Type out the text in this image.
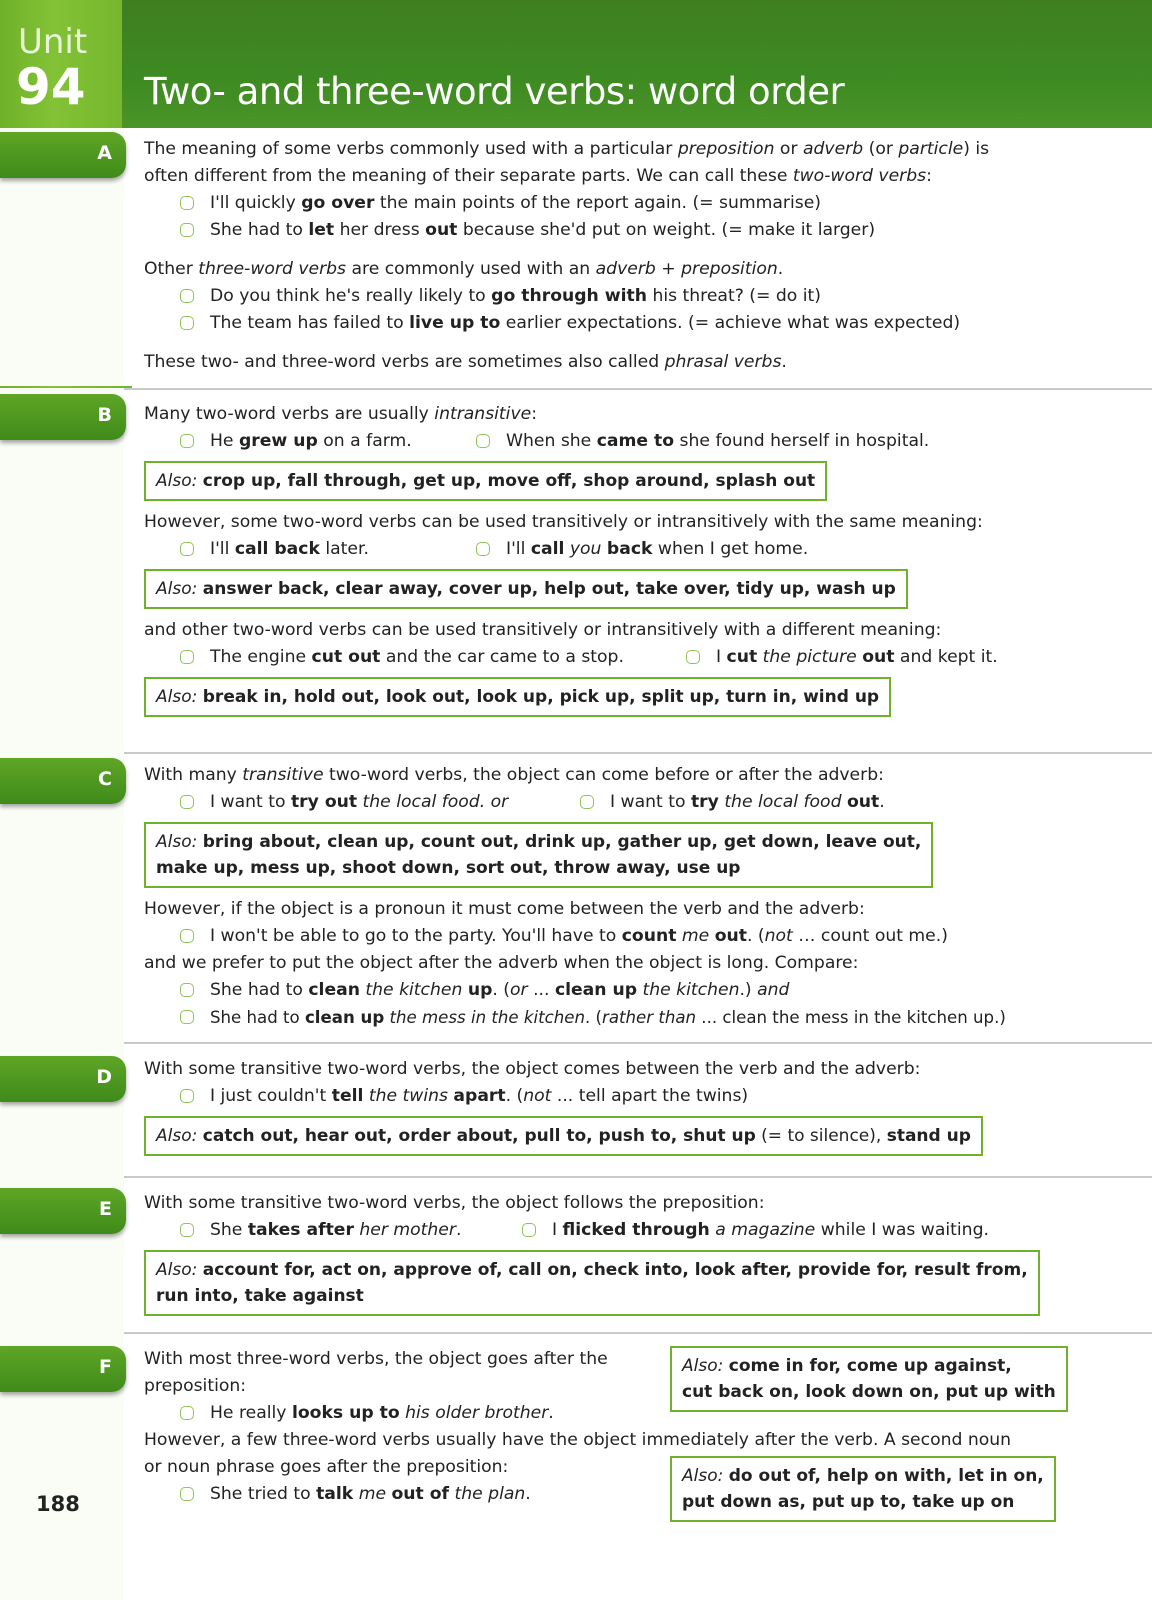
Unit
94 Two- and three-word verbs: word order
A
B
C
D
E
F
The meaning of some verbs commonly used with a particular preposition or adverb (or particle) is
often different from the meaning of their separate parts. We can call these two-word verbs:
I'll quickly go over the main points of the report again. (= summarise)
She had to let her dress out because she'd put on weight. (= make it larger)
Other three-word verbs are commonly used with an adverb + preposition.
Do you think he's really likely to go through with his threat? (= do it)
The team has failed to live up to earlier expectations. (= achieve what was expected)
These two- and three-word verbs are sometimes also called phrasal verbs.
Many two-word verbs are usually intransitive:
He grew up on a farm.	When she came to she found herself in hospital.
Also: crop up, fall through, get up, move off, shop around, splash out
However, some two-word verbs can be used transitively or intransitively with the same meaning:
I'll call back later.	I'll call you back when I get home.
Also: answer back, clear away, cover up, help out, take over, tidy up, wash up
and other two-word verbs can be used transitively or intransitively with a different meaning:
The engine cut out and the car came to a stop.	I cut the picture out and kept it.
Also: break in, hold out, look out, look up, pick up, split up, turn in, wind up
With many transitive two-word verbs, the object can come before or after the adverb:
I want to try out the local food. or	I want to try the local food out.
Also: bring about, clean up, count out, drink up, gather up, get down, leave out,
make up, mess up, shoot down, sort out, throw away, use up
However, if the object is a pronoun it must come between the verb and the adverb:
I won't be able to go to the party. You'll have to count me out. (not … count out me.)
and we prefer to put the object after the adverb when the object is long. Compare:
She had to clean the kitchen up. (or ... clean up the kitchen.) and
She had to clean up the mess in the kitchen. (rather than ... clean the mess in the kitchen up.)
With some transitive two-word verbs, the object comes between the verb and the adverb:
I just couldn't tell the twins apart. (not ... tell apart the twins)
Also: catch out, hear out, order about, pull to, push to, shut up (= to silence), stand up
With some transitive two-word verbs, the object follows the preposition:
She takes after her mother.	I flicked through a magazine while I was waiting.
Also: account for, act on, approve of, call on, check into, look after, provide for, result from,
run into, take against
With most three-word verbs, the object goes after the
preposition:
He really looks up to his older brother.
However, a few three-word verbs usually have the object immediately after the verb. A second noun
or noun phrase goes after the preposition:
She tried to talk me out of the plan.
Also: come in for, come up against,
cut back on, look down on, put up with
Also: do out of, help on with, let in on,
put down as, put up to, take up on
188
